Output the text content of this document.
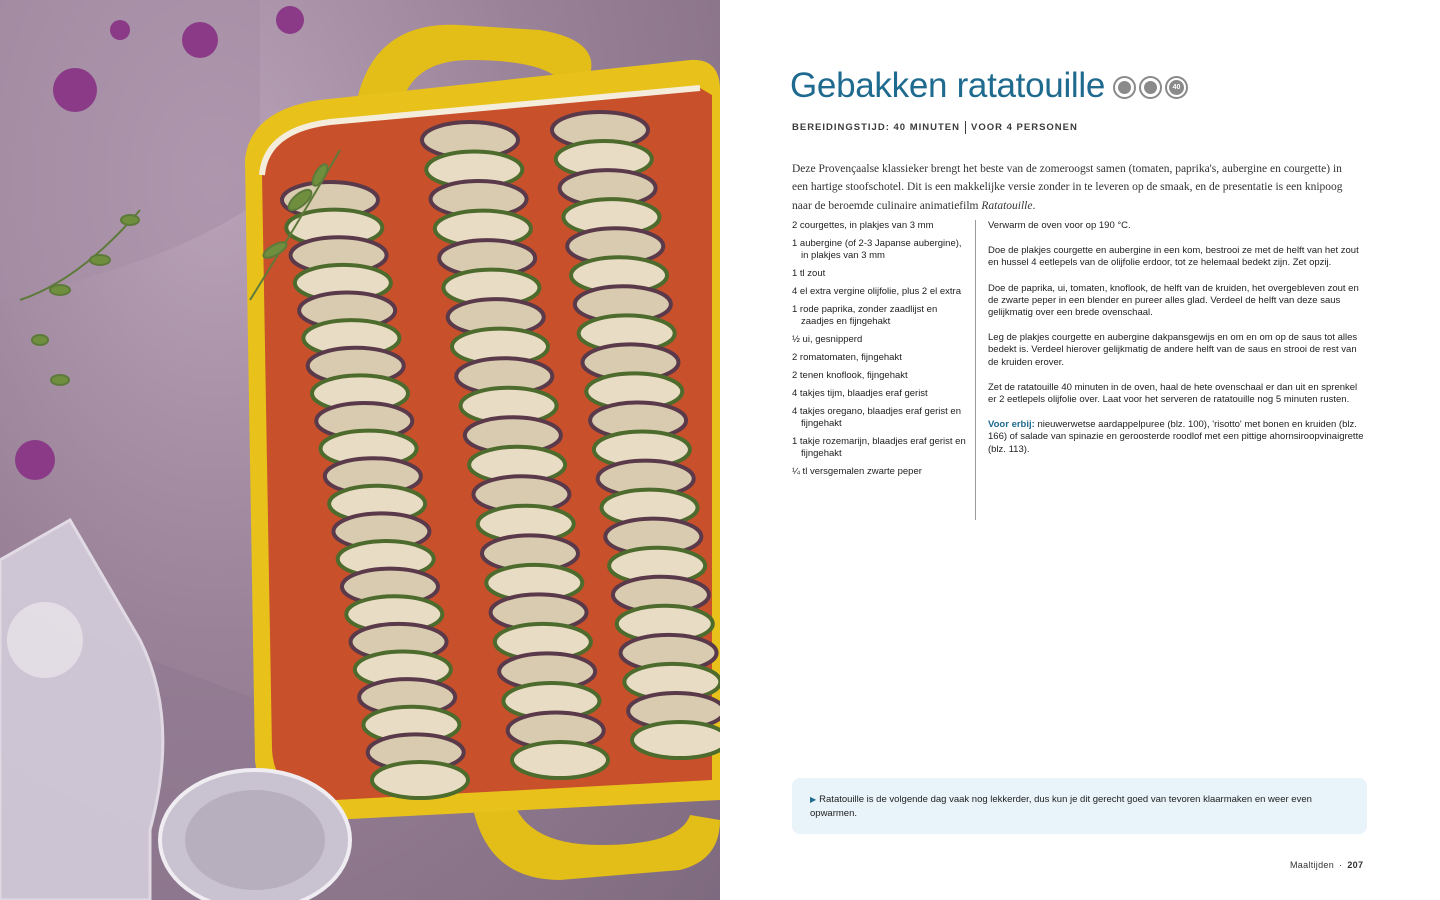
Gebakken ratatouille	40
BEREIDINGSTIJD: 40 MINUTEN VOOR 4 PERSONEN

Deze Provençaalse klassieker brengt het beste van de zomeroogst samen (tomaten, paprika's, aubergine en courgette) in een hartige stoofschotel. Dit is een makkelijke versie zonder in te leveren op de smaak, en de presentatie is een knipoog naar de beroemde culinaire animatiefilm Ratatouille.

2 courgettes, in plakjes van 3 mm
1 aubergine (of 2-3 Japanse aubergine), in plakjes van 3 mm
1 tl zout
4 el extra vergine olijfolie, plus 2 el extra
1 rode paprika, zonder zaadlijst en zaadjes en fijngehakt
½ ui, gesnipperd
2 romatomaten, fijngehakt
2 tenen knoflook, fijngehakt
4 takjes tijm, blaadjes eraf gerist
4 takjes oregano, blaadjes eraf gerist en fijngehakt
1 takje rozemarijn, blaadjes eraf gerist en fijngehakt
¼ tl versgemalen zwarte peper

Verwarm de oven voor op 190 °C.

Doe de plakjes courgette en aubergine in een kom, bestrooi ze met de helft van het zout en hussel 4 eetlepels van de olijfolie erdoor, tot ze helemaal bedekt zijn. Zet opzij.

Doe de paprika, ui, tomaten, knoflook, de helft van de kruiden, het overgebleven zout en de zwarte peper in een blender en pureer alles glad. Verdeel de helft van deze saus gelijkmatig over een brede ovenschaal.

Leg de plakjes courgette en aubergine dakpansgewijs en om en om op de saus tot alles bedekt is. Verdeel hierover gelijkmatig de andere helft van de saus en strooi de rest van de kruiden erover.

Zet de ratatouille 40 minuten in de oven, haal de hete ovenschaal er dan uit en sprenkel er 2 eetlepels olijfolie over. Laat voor het serveren de ratatouille nog 5 minuten rusten.

Voor erbij: nieuwerwetse aardappelpuree (blz. 100), 'risotto' met bonen en kruiden (blz. 166) of salade van spinazie en geroosterde roodlof met een pittige ahornsiroopvinaigrette (blz. 113).

▶ Ratatouille is de volgende dag vaak nog lekkerder, dus kun je dit gerecht goed van tevoren klaarmaken en weer even opwarmen.
Maaltijden · 207
